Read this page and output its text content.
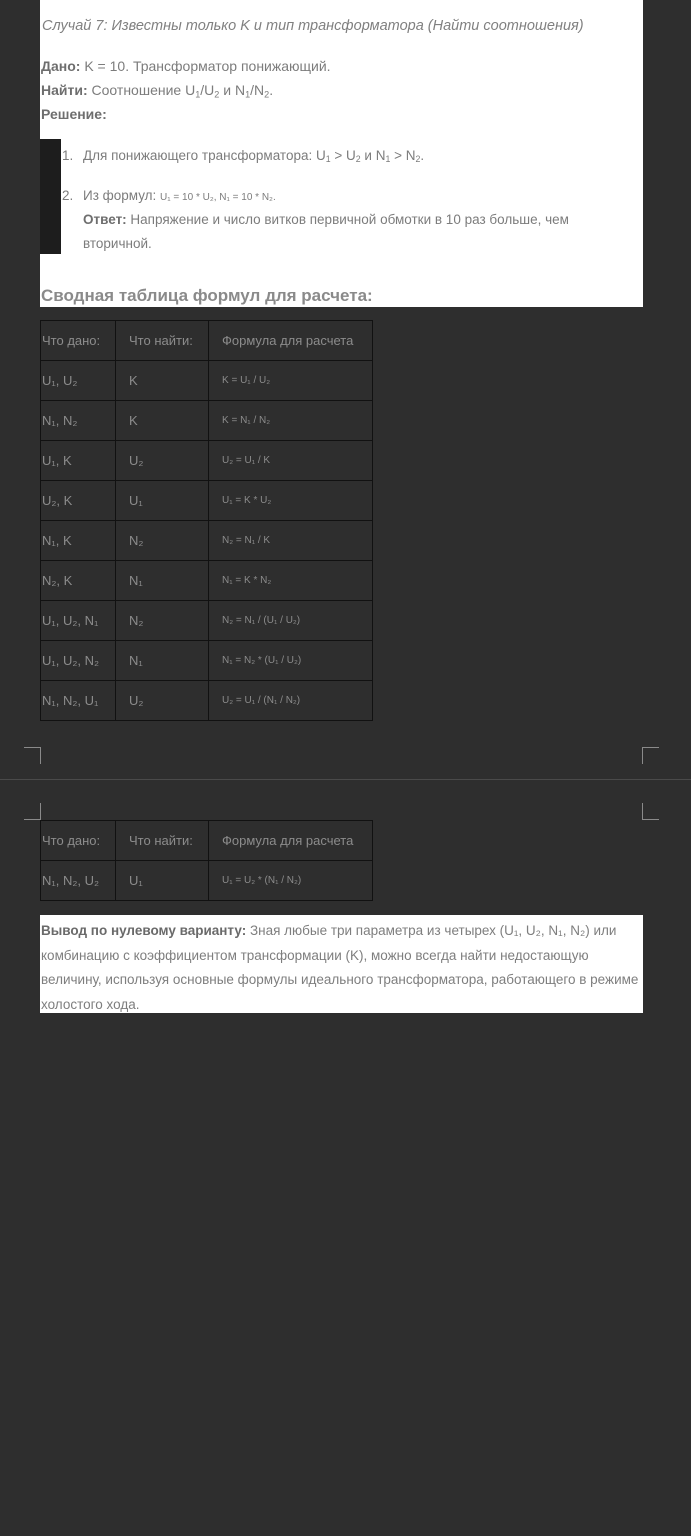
Случай 7: Известны только K и тип трансформатора (Найти соотношения)
Дано: K = 10. Трансформатор понижающий.
Найти: Соотношение $U_1/U_2$ и $N_1/N_2$.
Решение:
1. Для понижающего трансформатора: $U_1 > U_2$ и $N_1 > N_2$.
2. Из формул: U₁ = 10 * U₂, N₁ = 10 * N₂.
Ответ: Напряжение и число витков первичной обмотки в 10 раз больше, чем
вторичной.
Сводная таблица формул для расчета:
Что дано:	Что найти:	Формула для расчета
U₁, U₂	K	K = U₁ / U₂
N₁, N₂	K	K = N₁ / N₂
U₁, K	U₂	U₂ = U₁ / K
U₂, K	U₁	U₁ = K * U₂
N₁, K	N₂	N₂ = N₁ / K
N₂, K	N₁	N₁ = K * N₂
U₁, U₂, N₁	N₂	N₂ = N₁ / (U₁ / U₂)
U₁, U₂, N₂	N₁	N₁ = N₂ * (U₁ / U₂)
N₁, N₂, U₁	U₂	U₂ = U₁ / (N₁ / N₂)
Что дано:	Что найти:	Формула для расчета
N₁, N₂, U₂	U₁	U₁ = U₂ * (N₁ / N₂)
Вывод по нулевому варианту: Зная любые три параметра из четырех (U₁, U₂, N₁, N₂) или комбинацию с коэффициентом трансформации (K), можно всегда найти недостающую величину, используя основные формулы идеального трансформатора, работающего в режиме холостого хода.
